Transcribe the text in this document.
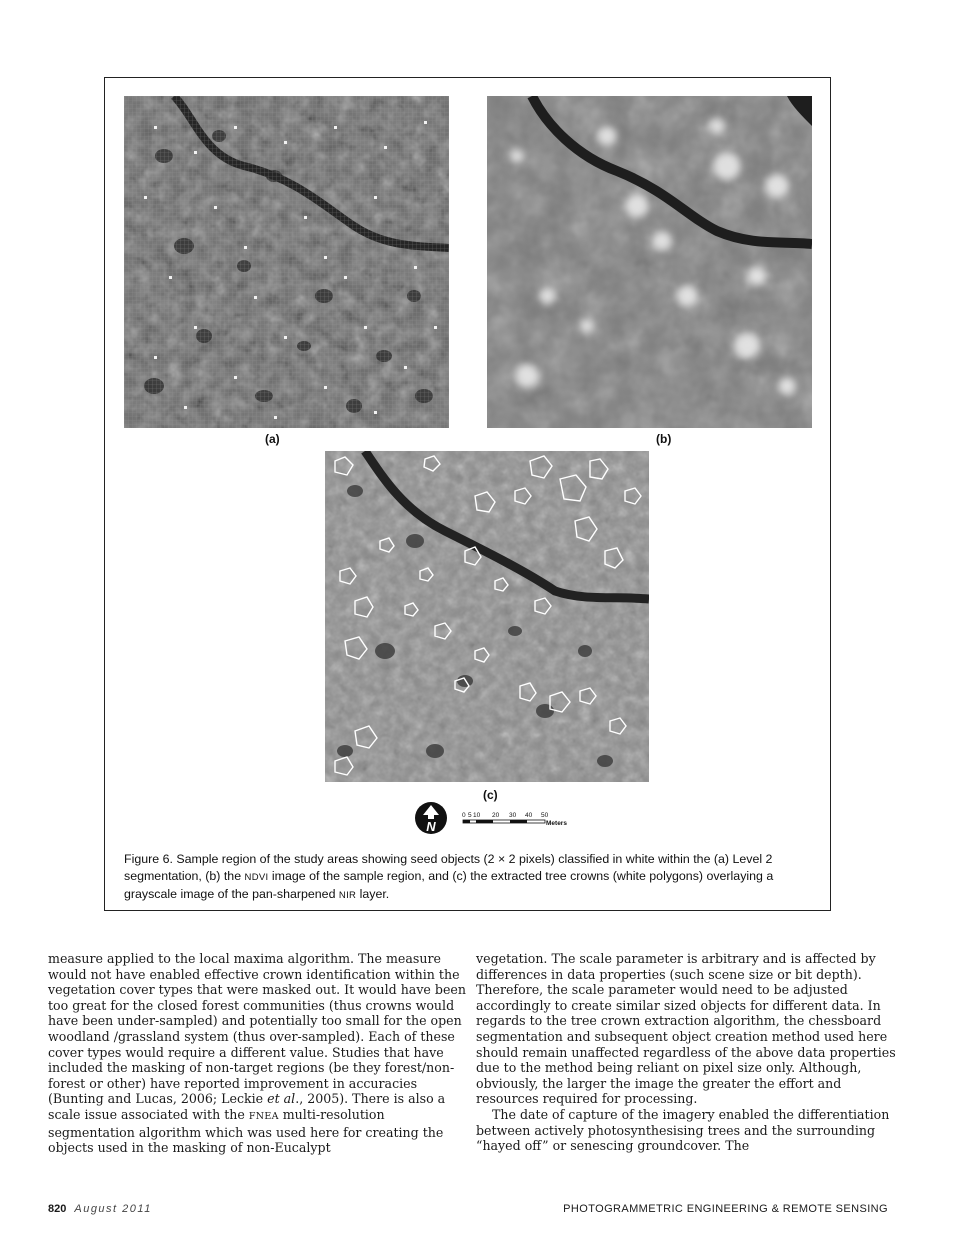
(a)	(b)
(c)
N
0 5 10 20 30 40 50
Meters
Figure 6. Sample region of the study areas showing seed objects (2 × 2 pixels) classified in white within the (a) Level 2 segmentation, (b) the NDVI image of the sample region, and (c) the extracted tree crowns (white polygons) overlaying a grayscale image of the pan-sharpened NIR layer.

measure applied to the local maxima algorithm. The measure would not have enabled effective crown identification within the vegetation cover types that were masked out. It would have been too great for the closed forest communities (thus crowns would have been under-sampled) and potentially too small for the open woodland /grassland system (thus over-sampled). Each of these cover types would require a different value. Studies that have included the masking of non-target regions (be they forest/non-forest or other) have reported improvement in accuracies (Bunting and Lucas, 2006; Leckie et al., 2005). There is also a scale issue associated with the FNEA multi-resolution segmentation algorithm which was used here for creating the objects used in the masking of non-Eucalypt

vegetation. The scale parameter is arbitrary and is affected by differences in data properties (such scene size or bit depth). Therefore, the scale parameter would need to be adjusted accordingly to create similar sized objects for different data. In regards to the tree crown extraction algorithm, the chessboard segmentation and subsequent object creation method used here should remain unaffected regardless of the above data properties due to the method being reliant on pixel size only. Although, obviously, the larger the image the greater the effort and resources required for processing.

The date of capture of the imagery enabled the differentiation between actively photosynthesising trees and the surrounding “hayed off” or senescing groundcover. The

820 August 2011	PHOTOGRAMMETRIC ENGINEERING & REMOTE SENSING
